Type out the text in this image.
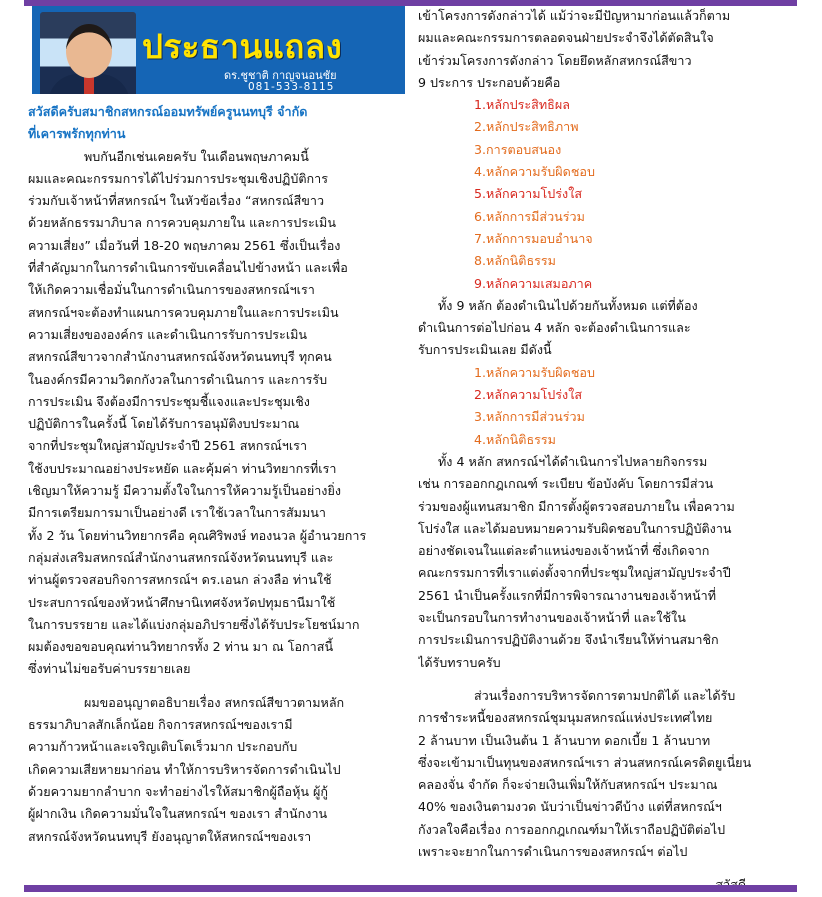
ประธานแถลง
ดร.ชูชาติ กาญจนอนชัย
081-533-8115

สวัสดีครับสมาชิกสหกรณ์ออมทรัพย์ครูนนทบุรี จำกัด

ที่เคารพรักทุกท่าน

พบกันอีกเช่นเคยครับ ในเดือนพฤษภาคมนี้

ผมและคณะกรรมการได้ไปร่วมการประชุมเชิงปฏิบัติการ

ร่วมกับเจ้าหน้าที่สหกรณ์ฯ ในหัวข้อเรื่อง “สหกรณ์สีขาว

ด้วยหลักธรรมาภิบาล การควบคุมภายใน และการประเมิน

ความเสี่ยง” เมื่อวันที่ 18-20 พฤษภาคม 2561 ซึ่งเป็นเรื่อง

ที่สำคัญมากในการดำเนินการขับเคลื่อนไปข้างหน้า และเพื่อ

ให้เกิดความเชื่อมั่นในการดำเนินการของสหกรณ์ฯเรา

สหกรณ์ฯจะต้องทำแผนการควบคุมภายในและการประเมิน

ความเสี่ยงขององค์กร และดำเนินการรับการประเมิน

สหกรณ์สีขาวจากสำนักงานสหกรณ์จังหวัดนนทบุรี ทุกคน

ในองค์กรมีความวิตกกังวลในการดำเนินการ และการรับ

การประเมิน จึงต้องมีการประชุมชี้แจงและประชุมเชิง

ปฏิบัติการในครั้งนี้ โดยได้รับการอนุมัติงบประมาณ

จากที่ประชุมใหญ่สามัญประจำปี 2561 สหกรณ์ฯเรา

ใช้งบประมาณอย่างประหยัด และคุ้มค่า ท่านวิทยากรที่เรา

เชิญมาให้ความรู้ มีความตั้งใจในการให้ความรู้เป็นอย่างยิ่ง

มีการเตรียมการมาเป็นอย่างดี เราใช้เวลาในการสัมมนา

ทั้ง 2 วัน โดยท่านวิทยากรคือ คุณศิริพงษ์ ทองนวล ผู้อำนวยการ

กลุ่มส่งเสริมสหกรณ์สำนักงานสหกรณ์จังหวัดนนทบุรี และ

ท่านผู้ตรวจสอบกิจการสหกรณ์ฯ ดร.เอนก ล่วงลือ ท่านใช้

ประสบการณ์ของหัวหน้าศึกษานิเทศจังหวัดปทุมธานีมาใช้

ในการบรรยาย และได้แบ่งกลุ่มอภิปรายซึ่งได้รับประโยชน์มาก

ผมต้องขอขอบคุณท่านวิทยากรทั้ง 2 ท่าน มา ณ โอกาสนี้

ซึ่งท่านไม่ขอรับค่าบรรยายเลย

ผมขออนุญาตอธิบายเรื่อง สหกรณ์สีขาวตามหลัก

ธรรมาภิบาลสักเล็กน้อย กิจการสหกรณ์ฯของเรามี

ความก้าวหน้าและเจริญเติบโตเร็วมาก ประกอบกับ

เกิดความเสียหายมาก่อน ทำให้การบริหารจัดการดำเนินไป

ด้วยความยากลำบาก จะทำอย่างไรให้สมาชิกผู้ถือหุ้น ผู้กู้

ผู้ฝากเงิน เกิดความมั่นใจในสหกรณ์ฯ ของเรา สำนักงาน

สหกรณ์จังหวัดนนทบุรี ยังอนุญาตให้สหกรณ์ฯของเรา

เข้าโครงการดังกล่าวได้ แม้ว่าจะมีปัญหามาก่อนแล้วก็ตาม

ผมและคณะกรรมการตลอดจนฝ่ายประจำจึงได้ตัดสินใจ

เข้าร่วมโครงการดังกล่าว โดยยึดหลักสหกรณ์สีขาว

9 ประการ ประกอบด้วยคือ

1.หลักประสิทธิผล

2.หลักประสิทธิภาพ

3.การตอบสนอง

4.หลักความรับผิดชอบ

5.หลักความโปร่งใส

6.หลักการมีส่วนร่วม

7.หลักการมอบอำนาจ

8.หลักนิติธรรม

9.หลักความเสมอภาค

ทั้ง 9 หลัก ต้องดำเนินไปด้วยกันทั้งหมด แต่ที่ต้อง

ดำเนินการต่อไปก่อน 4 หลัก จะต้องดำเนินการและ

รับการประเมินเลย มีดังนี้

1.หลักความรับผิดชอบ

2.หลักความโปร่งใส

3.หลักการมีส่วนร่วม

4.หลักนิติธรรม

ทั้ง 4 หลัก สหกรณ์ฯได้ดำเนินการไปหลายกิจกรรม

เช่น การออกกฎเกณฑ์ ระเบียบ ข้อบังคับ โดยการมีส่วน

ร่วมของผู้แทนสมาชิก มีการตั้งผู้ตรวจสอบภายใน เพื่อความ

โปร่งใส และได้มอบหมายความรับผิดชอบในการปฏิบัติงาน

อย่างชัดเจนในแต่ละตำแหน่งของเจ้าหน้าที่ ซึ่งเกิดจาก

คณะกรรมการที่เราแต่งตั้งจากที่ประชุมใหญ่สามัญประจำปี

2561 นำเป็นครั้งแรกที่มีการพิจารณางานของเจ้าหน้าที่

จะเป็นกรอบในการทำงานของเจ้าหน้าที่ และใช้ใน

การประเมินการปฏิบัติงานด้วย จึงนำเรียนให้ท่านสมาชิก

ได้รับทราบครับ

ส่วนเรื่องการบริหารจัดการตามปกติได้ และได้รับ

การชำระหนี้ของสหกรณ์ชุมนุมสหกรณ์แห่งประเทศไทย

2 ล้านบาท เป็นเงินต้น 1 ล้านบาท ดอกเบี้ย 1 ล้านบาท

ซึ่งจะเข้ามาเป็นทุนของสหกรณ์ฯเรา ส่วนสหกรณ์เครดิตยูเนี่ยน

คลองจั่น จำกัด ก็จะจ่ายเงินเพิ่มให้กับสหกรณ์ฯ ประมาณ

40% ของเงินตามงวด นับว่าเป็นข่าวดีบ้าง แต่ที่สหกรณ์ฯ

กังวลใจคือเรื่อง การออกกฎเกณฑ์มาให้เราถือปฏิบัติต่อไป

เพราะจะยากในการดำเนินการของสหกรณ์ฯ ต่อไป
